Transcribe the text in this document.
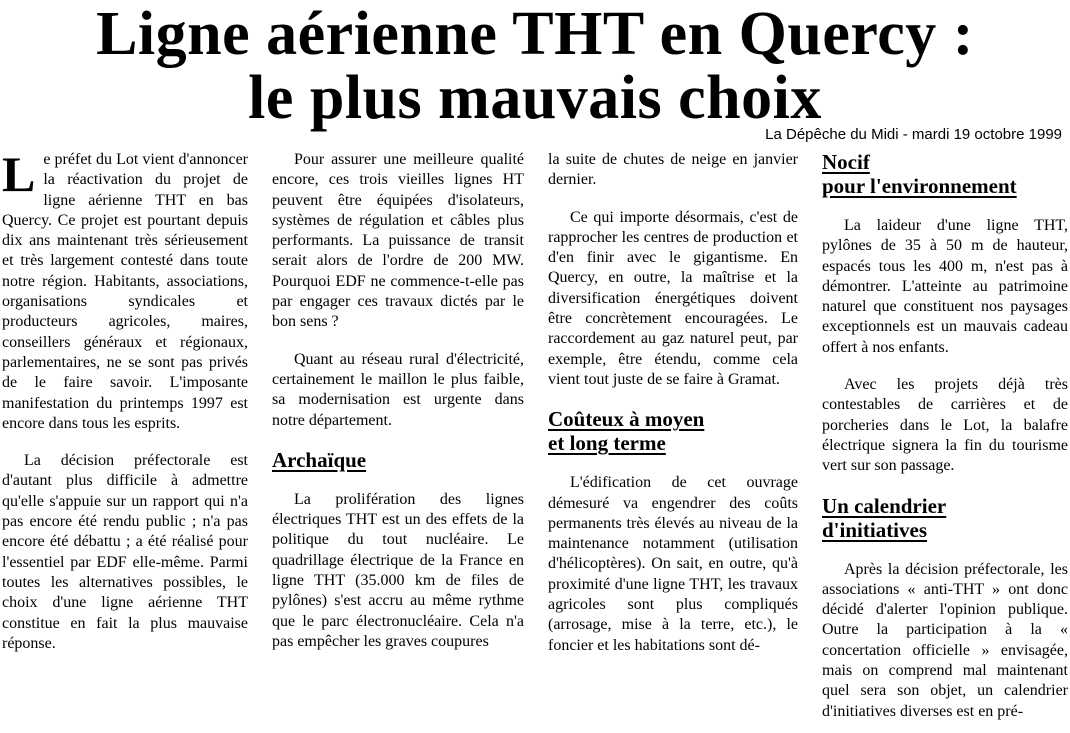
Ligne aérienne THT en Quercy :
le plus mauvais choix
La Dépêche du Midi - mardi 19 octobre 1999

Le préfet du Lot vient d'annoncer la réactivation du projet de ligne aérienne THT en bas Quercy. Ce projet est pourtant depuis dix ans maintenant très sérieusement et très largement contesté dans toute notre région. Habitants, associations, organisations syndicales et producteurs agricoles, maires, conseillers généraux et régionaux, parlementaires, ne se sont pas privés de le faire savoir. L'imposante manifestation du printemps 1997 est encore dans tous les esprits.

La décision préfectorale est d'autant plus difficile à admettre qu'elle s'appuie sur un rapport qui n'a pas encore été rendu public ; n'a pas encore été débattu ; a été réalisé pour l'essentiel par EDF elle-même. Parmi toutes les alternatives possibles, le choix d'une ligne aérienne THT constitue en fait la plus mauvaise réponse.

Pour assurer une meilleure qualité encore, ces trois vieilles lignes HT peuvent être équipées d'isolateurs, systèmes de régulation et câbles plus performants. La puissance de transit serait alors de l'ordre de 200 MW. Pourquoi EDF ne commence-t-elle pas par engager ces travaux dictés par le bon sens ?

Quant au réseau rural d'électricité, certainement le maillon le plus faible, sa modernisation est urgente dans notre département.

Archaïque

La prolifération des lignes électriques THT est un des effets de la politique du tout nucléaire. Le quadrillage électrique de la France en ligne THT (35.000 km de files de pylônes) s'est accru au même rythme que le parc électronucléaire. Cela n'a pas empêcher les graves coupures

la suite de chutes de neige en janvier dernier.

Ce qui importe désormais, c'est de rapprocher les centres de production et d'en finir avec le gigantisme. En Quercy, en outre, la maîtrise et la diversification énergétiques doivent être concrètement encouragées. Le raccordement au gaz naturel peut, par exemple, être étendu, comme cela vient tout juste de se faire à Gramat.

Coûteux à moyen
et long terme

L'édification de cet ouvrage démesuré va engendrer des coûts permanents très élevés au niveau de la maintenance notamment (utilisation d'hélicoptères). On sait, en outre, qu'à proximité d'une ligne THT, les travaux agricoles sont plus compliqués (arrosage, mise à la terre, etc.), le foncier et les habitations sont dé-

Nocif
pour l'environnement

La laideur d'une ligne THT, pylônes de 35 à 50 m de hauteur, espacés tous les 400 m, n'est pas à démontrer. L'atteinte au patrimoine naturel que constituent nos paysages exceptionnels est un mauvais cadeau offert à nos enfants.

Avec les projets déjà très contestables de carrières et de porcheries dans le Lot, la balafre électrique signera la fin du tourisme vert sur son passage.

Un calendrier
d'initiatives

Après la décision préfectorale, les associations « anti-THT » ont donc décidé d'alerter l'opinion publique. Outre la participation à la « concertation officielle » envisagée, mais on comprend mal maintenant quel sera son objet, un calendrier d'initiatives diverses est en pré-
